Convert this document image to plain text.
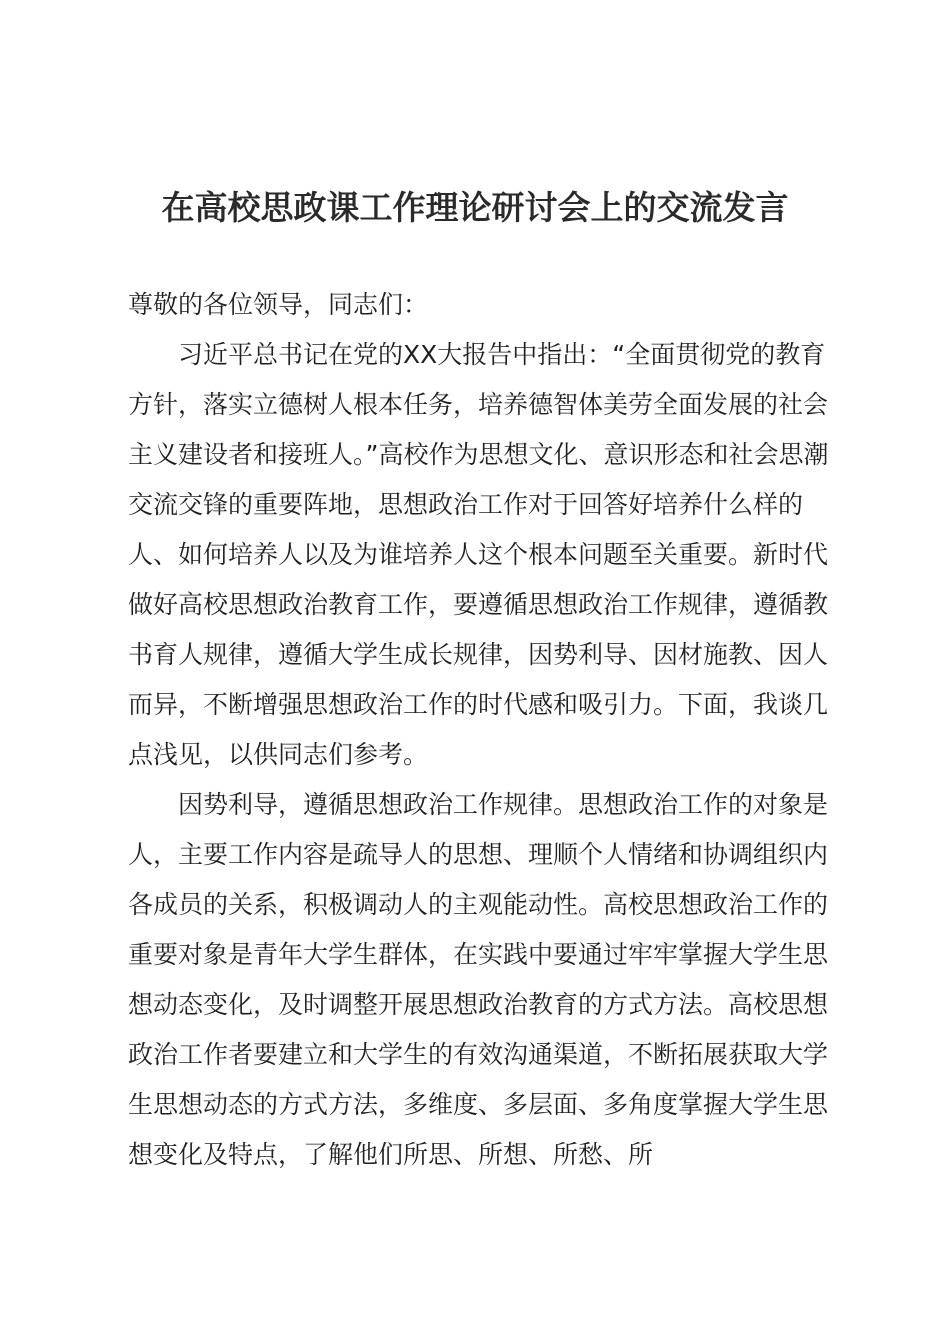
在高校思政课工作理论研讨会上的交流发言

尊敬的各位领导，同志们：

习近平总书记在党的XX大报告中指出：“全面贯彻党的教育方针，落实立德树人根本任务，培养德智体美劳全面发展的社会主义建设者和接班人。”高校作为思想文化、意识形态和社会思潮交流交锋的重要阵地，思想政治工作对于回答好培养什么样的人、如何培养人以及为谁培养人这个根本问题至关重要。新时代做好高校思想政治教育工作，要遵循思想政治工作规律，遵循教书育人规律，遵循大学生成长规律，因势利导、因材施教、因人而异，不断增强思想政治工作的时代感和吸引力。下面，我谈几点浅见，以供同志们参考。

因势利导，遵循思想政治工作规律。思想政治工作的对象是人，主要工作内容是疏导人的思想、理顺个人情绪和协调组织内各成员的关系，积极调动人的主观能动性。高校思想政治工作的重要对象是青年大学生群体，在实践中要通过牢牢掌握大学生思想动态变化，及时调整开展思想政治教育的方式方法。高校思想政治工作者要建立和大学生的有效沟通渠道，不断拓展获取大学生思想动态的方式方法，多维度、多层面、多角度掌握大学生思想变化及特点，了解他们所思、所想、所愁、所
